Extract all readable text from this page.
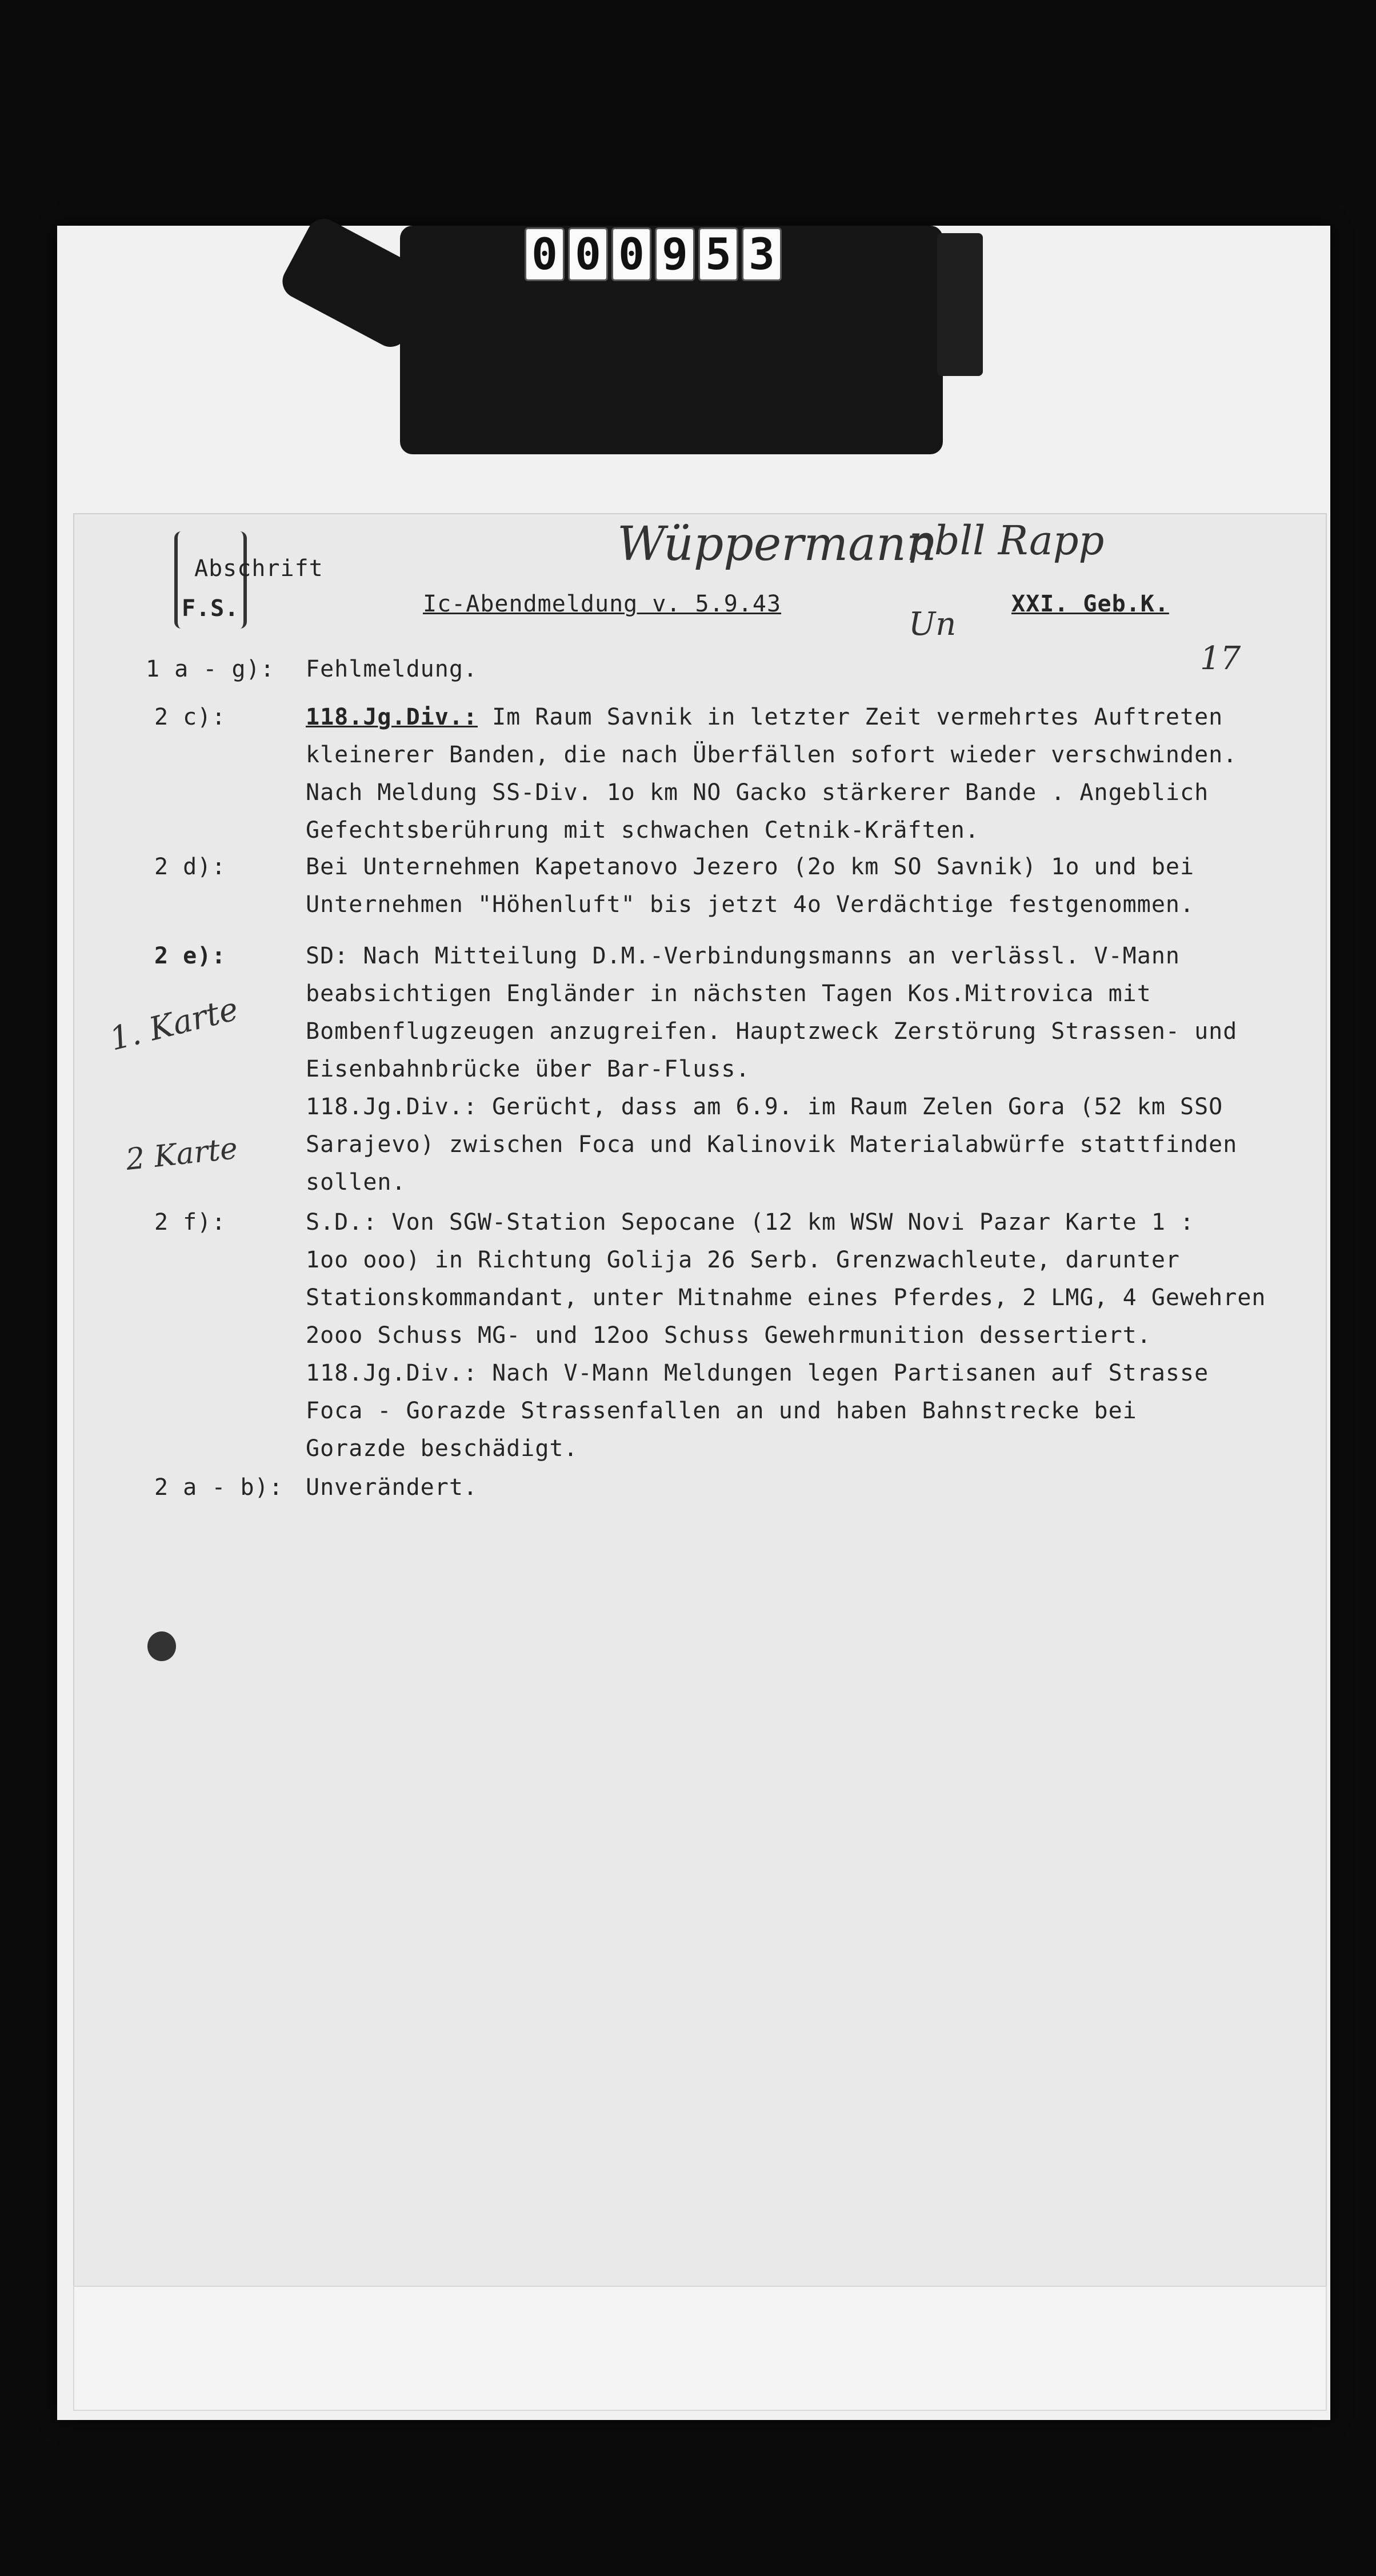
0 0 0 9 5 3
Wüppermann
pbll Rapp
Un
17
1. Karte
2 Karte
Abschrift
F.S.	Ic-Abendmeldung v. 5.9.43	XXI. Geb.K.
1 a - g): Fehlmeldung.
2 c):	118.Jg.Div.: Im Raum Savnik in letzter Zeit vermehrtes Auftreten
kleinerer Banden, die nach Überfällen sofort wieder verschwinden.
Nach Meldung SS-Div. 1o km NO Gacko stärkerer Bande . Angeblich
Gefechtsberührung mit schwachen Cetnik-Kräften.
2 d):	Bei Unternehmen Kapetanovo Jezero (2o km SO Savnik) 1o und bei
Unternehmen "Höhenluft" bis jetzt 4o Verdächtige festgenommen.
2 e):	SD: Nach Mitteilung D.M.-Verbindungsmanns an verlässl. V-Mann
beabsichtigen Engländer in nächsten Tagen Kos.Mitrovica mit
Bombenflugzeugen anzugreifen. Hauptzweck Zerstörung Strassen- und
Eisenbahnbrücke über Bar-Fluss.
118.Jg.Div.: Gerücht, dass am 6.9. im Raum Zelen Gora (52 km SSO
Sarajevo) zwischen Foca und Kalinovik Materialabwürfe stattfinden
sollen.
2 f):	S.D.: Von SGW-Station Sepocane (12 km WSW Novi Pazar Karte 1 :
1oo ooo) in Richtung Golija 26 Serb. Grenzwachleute, darunter
Stationskommandant, unter Mitnahme eines Pferdes, 2 LMG, 4 Gewehren
2ooo Schuss MG- und 12oo Schuss Gewehrmunition dessertiert.
118.Jg.Div.: Nach V-Mann Meldungen legen Partisanen auf Strasse
Foca - Gorazde Strassenfallen an und haben Bahnstrecke bei
Gorazde beschädigt.
2 a - b): Unverändert.
